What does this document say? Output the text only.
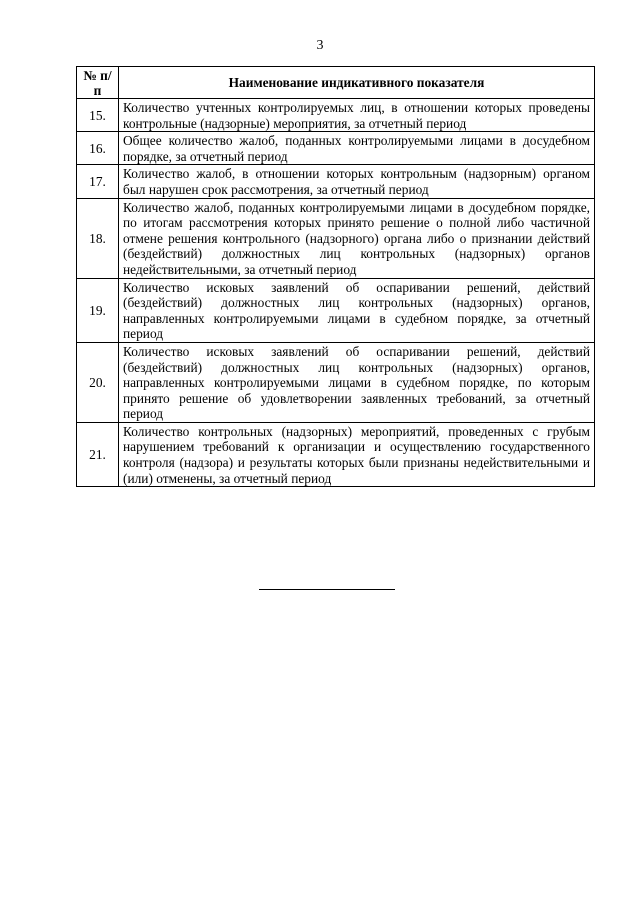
3
№ п/п	Наименование индикативного показателя
15.	Количество учтенных контролируемых лиц, в отношении которых проведены контрольные (надзорные) мероприятия, за отчетный период
16.	Общее количество жалоб, поданных контролируемыми лицами в досудебном порядке, за отчетный период
17.	Количество жалоб, в отношении которых контрольным (надзорным) органом был нарушен срок рассмотрения, за отчетный период
18.	Количество жалоб, поданных контролируемыми лицами в досудебном порядке, по итогам рассмотрения которых принято решение о полной либо частичной отмене решения контрольного (надзорного) органа либо о признании действий (бездействий) должностных лиц контрольных (надзорных) органов недействительными, за отчетный период
19.	Количество исковых заявлений об оспаривании решений, действий (бездействий) должностных лиц контрольных (надзорных) органов, направленных контролируемыми лицами в судебном порядке, за отчетный период
20.	Количество исковых заявлений об оспаривании решений, действий (бездействий) должностных лиц контрольных (надзорных) органов, направленных контролируемыми лицами в судебном порядке, по которым принято решение об удовлетворении заявленных требований, за отчетный период
21.	Количество контрольных (надзорных) мероприятий, проведенных с грубым нарушением требований к организации и осуществлению государственного контроля (надзора) и результаты которых были признаны недействительными и (или) отменены, за отчетный период
